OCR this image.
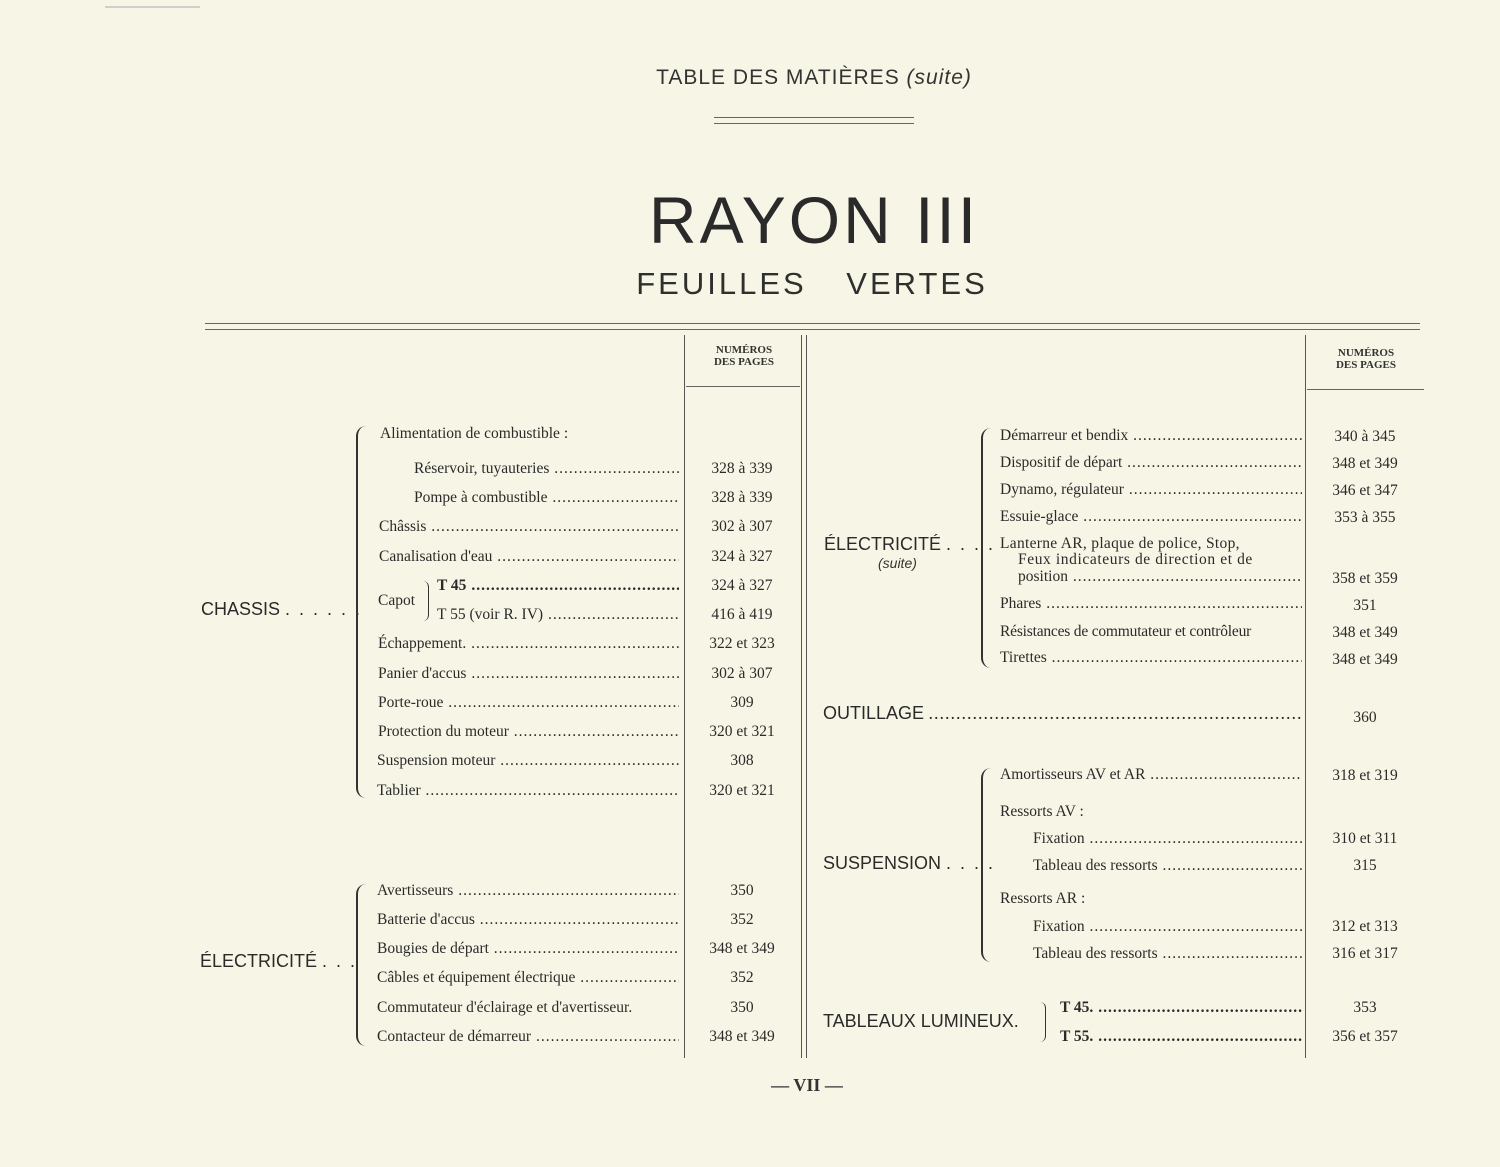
TABLE DES MATIÈRES (suite)
RAYON III
FEUILLES VERTES
NUMÉROS
DES PAGES
NUMÉROS
DES PAGES
CHASSIS . . . . . .
Alimentation de combustible :
Réservoir, tuyauteries .....	328 à 339
Pompe à combustible .....	328 à 339
Châssis .....	302 à 307
Canalisation d'eau .....	324 à 327
Capot
T 45 .....	324 à 327
T 55 (voir R. IV) .....	416 à 419
Échappement. .....	322 et 323
Panier d'accus .....	302 à 307
Porte-roue .....	309
Protection du moteur .....	320 et 321
Suspension moteur .....	308
Tablier .....	320 et 321
ÉLECTRICITÉ . . .
Avertisseurs .....	350
Batterie d'accus .....	352
Bougies de départ .....	348 et 349
Câbles et équipement électrique .....	352
Commutateur d'éclairage et d'avertisseur.	350
Contacteur de démarreur .....	348 et 349
ÉLECTRICITÉ . . . .
(suite)
Démarreur et bendix .....	340 à 345
Dispositif de départ .....	348 et 349
Dynamo, régulateur .....	346 et 347
Essuie-glace .....	353 à 355
Lanterne AR, plaque de police, Stop,
Feux indicateurs de direction et de
position .....	358 et 359
Phares .....	351
Résistances de commutateur et contrôleur	348 et 349
Tirettes .....	348 et 349
OUTILLAGE .....	360
SUSPENSION . . . .
Amortisseurs AV et AR .....	318 et 319
Ressorts AV :
Fixation .....	310 et 311
Tableau des ressorts .....	315
Ressorts AR :
Fixation .....	312 et 313
Tableau des ressorts .....	316 et 317
TABLEAUX LUMINEUX.
T 45. .....	353
T 55. .....	356 et 357
— VII —
